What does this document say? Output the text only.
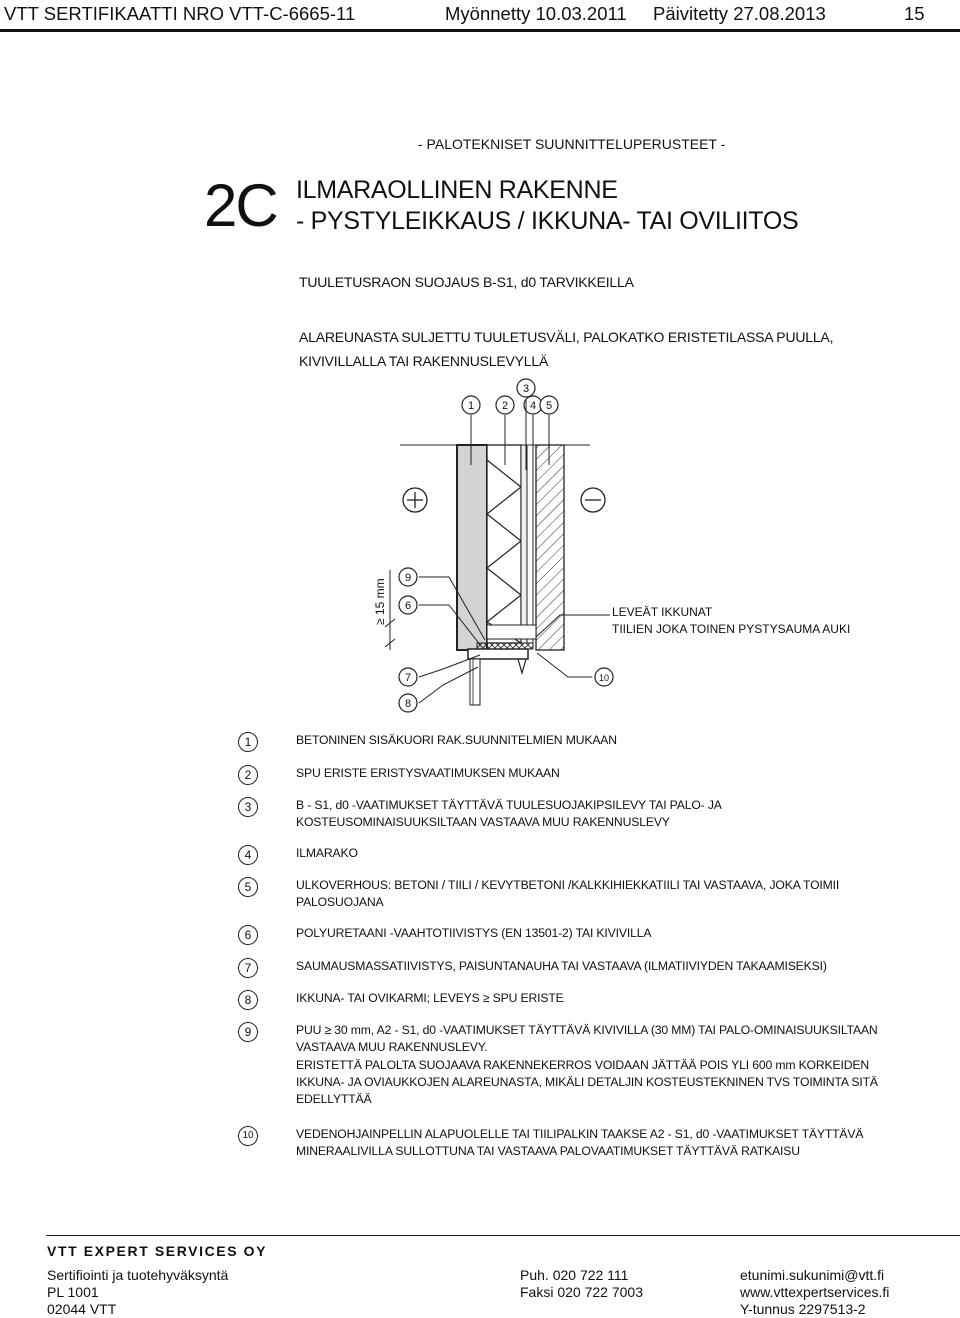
VTT SERTIFIKAATTI NRO VTT-C-6665-11	Myönnetty 10.03.2011 Päivitetty 27.08.2013	15
- PALOTEKNISET SUUNNITTELUPERUSTEET -
2C ILMARAOLLINEN RAKENNE
- PYSTYLEIKKAUS / IKKUNA- TAI OVILIITOS
TUULETUSRAON SUOJAUS B-S1, d0 TARVIKKEILLA
ALAREUNASTA SULJETTU TUULETUSVÄLI, PALOKATKO ERISTETILASSA PUULLA,
KIVIVILLALLA TAI RAKENNUSLEVYLLÄ
≥ 15 mm
1	2
3
4 5
6
7
8
9
10
LEVEÄT IKKUNAT
TIILIEN JOKA TOINEN PYSTYSAUMA AUKI
1	BETONINEN SISÄKUORI RAK.SUUNNITELMIEN MUKAAN
2	SPU ERISTE ERISTYSVAATIMUKSEN MUKAAN
3	B - S1, d0 -VAATIMUKSET TÄYTTÄVÄ TUULESUOJAKIPSILEVY TAI PALO- JA
KOSTEUSOMINAISUUKSILTAAN VASTAAVA MUU RAKENNUSLEVY
4	ILMARAKO
5	ULKOVERHOUS: BETONI / TIILI / KEVYTBETONI /KALKKIHIEKKATIILI TAI VASTAAVA, JOKA TOIMII
PALOSUOJANA
6	POLYURETAANI -VAAHTOTIIVISTYS (EN 13501-2) TAI KIVIVILLA
7	SAUMAUSMASSATIIVISTYS, PAISUNTANAUHA TAI VASTAAVA (ILMATIIVIYDEN TAKAAMISEKSI)
8	IKKUNA- TAI OVIKARMI; LEVEYS ≥ SPU ERISTE
9	PUU ≥ 30 mm, A2 - S1, d0 -VAATIMUKSET TÄYTTÄVÄ KIVIVILLA (30 MM) TAI PALO-OMINAISUUKSILTAAN
VASTAAVA MUU RAKENNUSLEVY.
ERISTETTÄ PALOLTA SUOJAAVA RAKENNEKERROS VOIDAAN JÄTTÄÄ POIS YLI 600 mm KORKEIDEN
IKKUNA- JA OVIAUKKOJEN ALAREUNASTA, MIKÄLI DETALJIN KOSTEUSTEKNINEN TVS TOIMINTA SITÄ
EDELLYTTÄÄ
10	VEDENOHJAINPELLIN ALAPUOLELLE TAI TIILIPALKIN TAAKSE A2 - S1, d0 -VAATIMUKSET TÄYTTÄVÄ
MINERAALIVILLA SULLOTTUNA TAI VASTAAVA PALOVAATIMUKSET TÄYTTÄVÄ RATKAISU
VTT EXPERT SERVICES OY
Sertifiointi ja tuotehyväksyntä
PL 1001
02044 VTT
Puh. 020 722 111
Faksi 020 722 7003
etunimi.sukunimi@vtt.fi
www.vttexpertservices.fi
Y-tunnus 2297513-2
